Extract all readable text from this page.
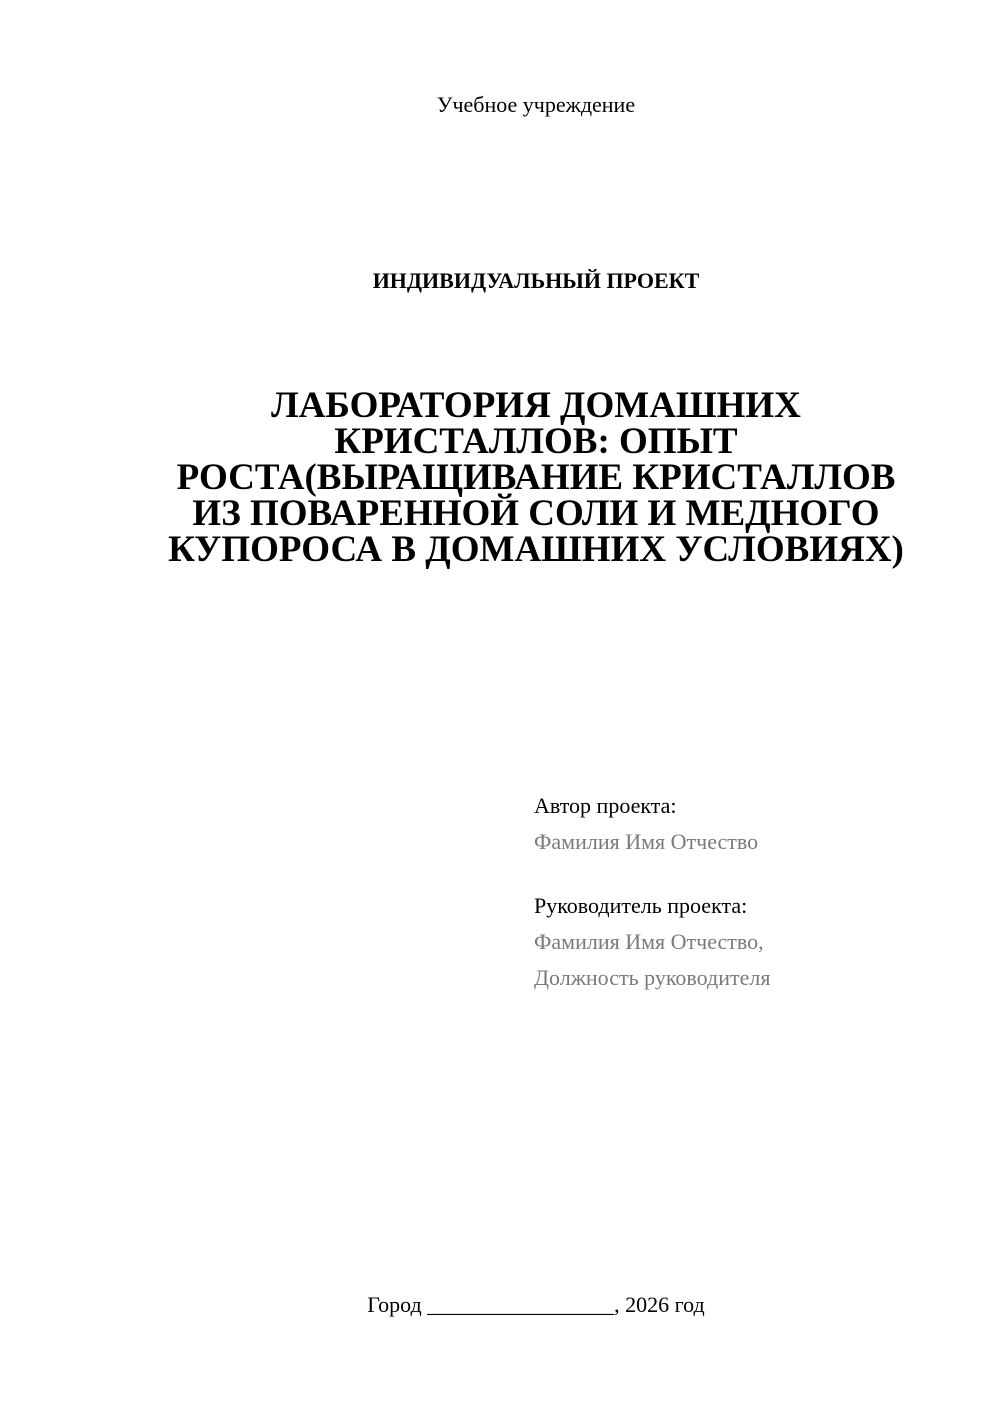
Учебное учреждение
ИНДИВИДУАЛЬНЫЙ ПРОЕКТ
ЛАБОРАТОРИЯ ДОМАШНИХ
КРИСТАЛЛОВ: ОПЫТ
РОСТА(ВЫРАЩИВАНИЕ КРИСТАЛЛОВ
ИЗ ПОВАРЕННОЙ СОЛИ И МЕДНОГО
КУПОРОСА В ДОМАШНИХ УСЛОВИЯХ)
Автор проекта:
Фамилия Имя Отчество
Руководитель проекта:
Фамилия Имя Отчество,
Должность руководителя
Город _________________, 2026 год
